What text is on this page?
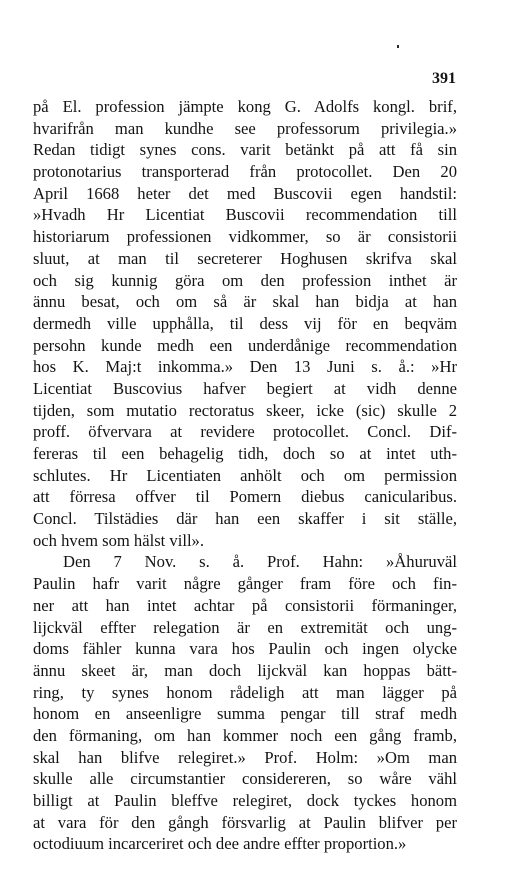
391
på El. profession jämpte kong G. Adolfs kongl. brif,
hvarifrån man kundhe see professorum privilegia.»
Redan tidigt synes cons. varit betänkt på att få sin
protonotarius transporterad från protocollet. Den 20
April 1668 heter det med Buscovii egen handstil:
»Hvadh Hr Licentiat Buscovii recommendation till
historiarum professionen vidkommer, so är consistorii
sluut, at man til secreterer Hoghusen skrifva skal
och sig kunnig göra om den profession inthet är
ännu besat, och om så är skal han bidja at han
dermedh ville upphålla, til dess vij för en beqväm
persohn kunde medh een underdånige recommendation
hos K. Maj:t inkomma.» Den 13 Juni s. å.: »Hr
Licentiat Buscovius hafver begiert at vidh denne
tijden, som mutatio rectoratus skeer, icke (sic) skulle 2
proff. öfvervara at revidere protocollet. Concl. Dif-
fereras til een behagelig tidh, doch so at intet uth-
schlutes. Hr Licentiaten anhölt och om permission
att förresa offver til Pomern diebus canicularibus.
Concl. Tilstädies där han een skaffer i sit ställe,
och hvem som hälst vill».
Den 7 Nov. s. å. Prof. Hahn: »Åhuruväl
Paulin hafr varit någre gånger fram före och fin-
ner att han intet achtar på consistorii förmaninger,
lijckväl effter relegation är en extremität och ung-
doms fähler kunna vara hos Paulin och ingen olycke
ännu skeet är, man doch lijckväl kan hoppas bätt-
ring, ty synes honom rådeligh att man lägger på
honom en anseenligre summa pengar till straf medh
den förmaning, om han kommer noch een gång framb,
skal han blifve relegiret.» Prof. Holm: »Om man
skulle alle circumstantier considereren, so wåre vähl
billigt at Paulin bleffve relegiret, dock tyckes honom
at vara för den gångh försvarlig at Paulin blifver per
octodiuum incarceriret och dee andre effter proportion.»
